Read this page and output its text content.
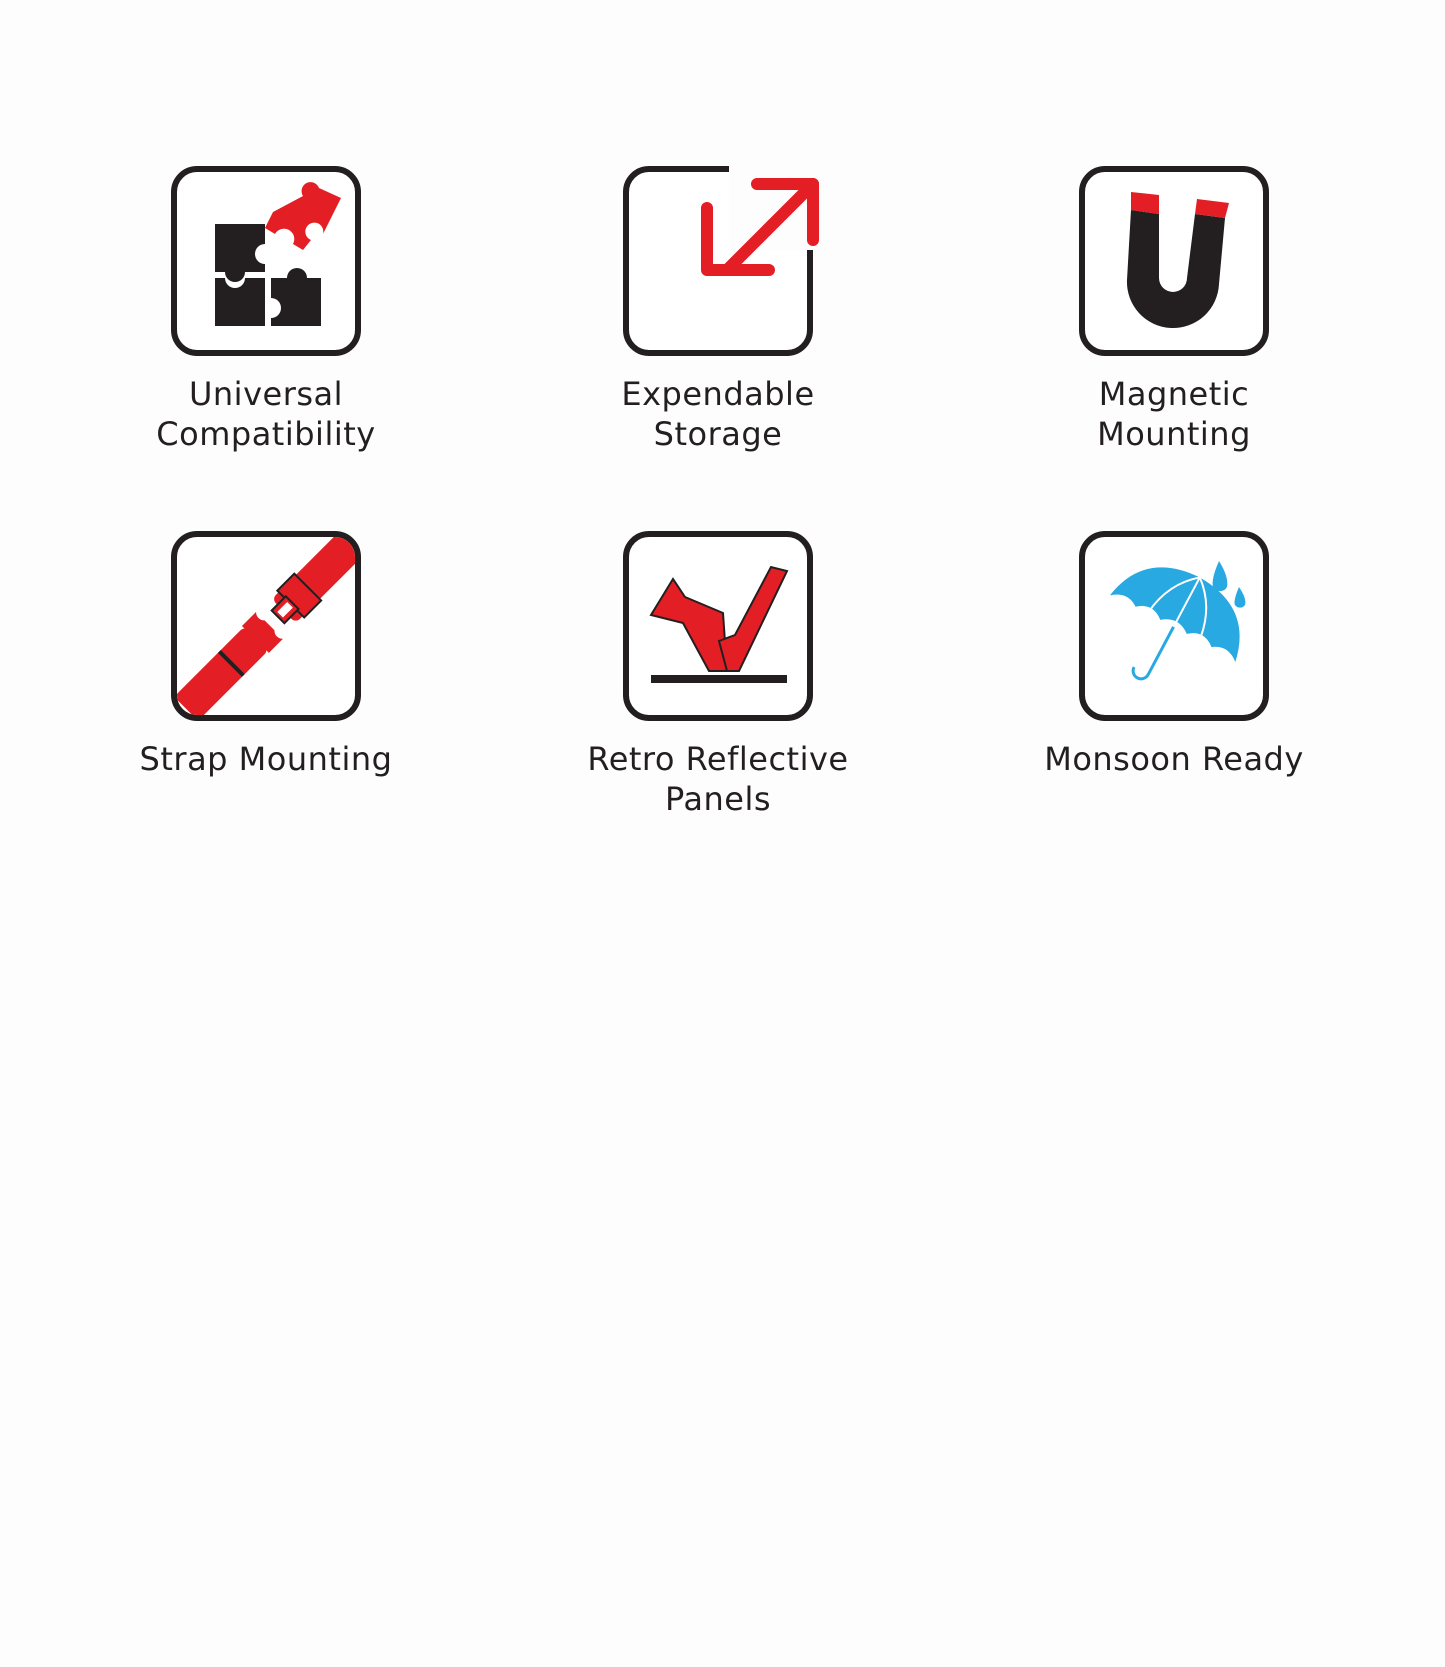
Universal
Compatibility
Expendable
Storage
Magnetic
Mounting
Strap Mounting	Retro Reflective
Panels
Monsoon Ready
